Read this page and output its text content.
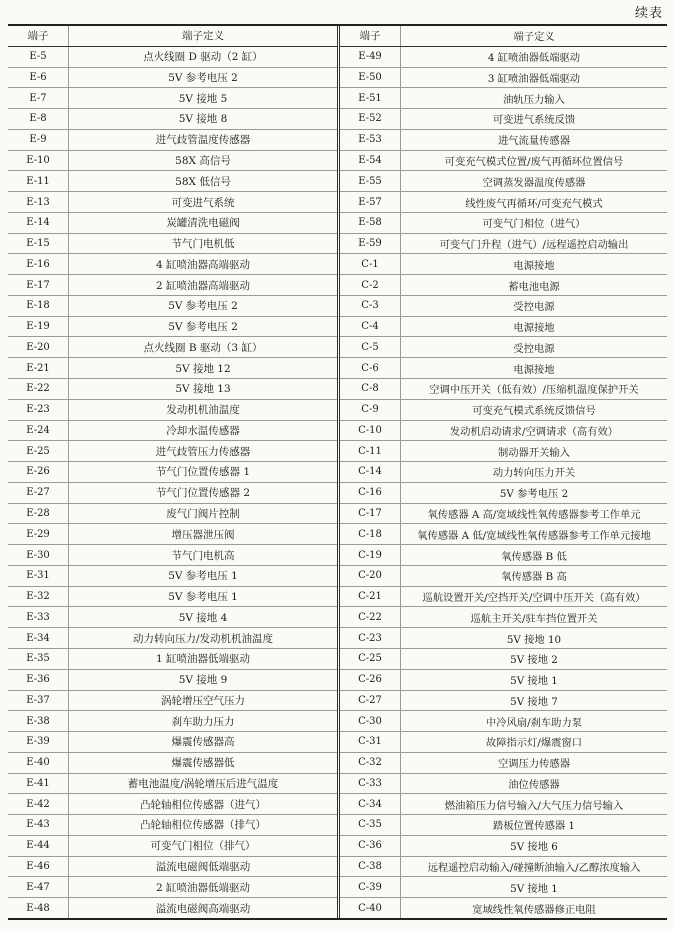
续表
端子	端子定义
E-5	点火线圈 D 驱动（2 缸）
E-6	5V 参考电压 2
E-7	5V 接地 5
E-8	5V 接地 8
E-9	进气歧管温度传感器
E-10	58X 高信号
E-11	58X 低信号
E-13	可变进气系统
E-14	炭罐清洗电磁阀
E-15	节气门电机低
E-16	4 缸喷油器高端驱动
E-17	2 缸喷油器高端驱动
E-18	5V 参考电压 2
E-19	5V 参考电压 2
E-20	点火线圈 B 驱动（3 缸）
E-21	5V 接地 12
E-22	5V 接地 13
E-23	发动机机油温度
E-24	冷却水温传感器
E-25	进气歧管压力传感器
E-26	节气门位置传感器 1
E-27	节气门位置传感器 2
E-28	废气门阀片控制
E-29	增压器泄压阀
E-30	节气门电机高
E-31	5V 参考电压 1
E-32	5V 参考电压 1
E-33	5V 接地 4
E-34	动力转向压力/发动机机油温度
E-35	1 缸喷油器低端驱动
E-36	5V 接地 9
E-37	涡轮增压空气压力
E-38	刹车助力压力
E-39	爆震传感器高
E-40	爆震传感器低
E-41	蓄电池温度/涡轮增压后进气温度
E-42	凸轮轴相位传感器（进气）
E-43	凸轮轴相位传感器（排气）
E-44	可变气门相位（排气）
E-46	溢流电磁阀低端驱动
E-47	2 缸喷油器低端驱动
E-48	溢流电磁阀高端驱动
端子	端子定义
E-49	4 缸喷油器低端驱动
E-50	3 缸喷油器低端驱动
E-51	油轨压力输入
E-52	可变进气系统反馈
E-53	进气流量传感器
E-54	可变充气模式位置/废气再循环位置信号
E-55	空调蒸发器温度传感器
E-57	线性废气再循环/可变充气模式
E-58	可变气门相位（进气）
E-59	可变气门升程（进气）/远程遥控启动输出
C-1	电源接地
C-2	蓄电池电源
C-3	受控电源
C-4	电源接地
C-5	受控电源
C-6	电源接地
C-8	空调中压开关（低有效）/压缩机温度保护开关
C-9	可变充气模式系统反馈信号
C-10	发动机启动请求/空调请求（高有效）
C-11	制动器开关输入
C-14	动力转向压力开关
C-16	5V 参考电压 2
C-17	氧传感器 A 高/宽域线性氧传感器参考工作单元
C-18	氧传感器 A 低/宽域线性氧传感器参考工作单元接地
C-19	氧传感器 B 低
C-20	氧传感器 B 高
C-21	巡航设置开关/空挡开关/空调中压开关（高有效）
C-22	巡航主开关/驻车挡位置开关
C-23	5V 接地 10
C-25	5V 接地 2
C-26	5V 接地 1
C-27	5V 接地 7
C-30	中冷风扇/刹车助力泵
C-31	故障指示灯/爆震窗口
C-32	空调压力传感器
C-33	油位传感器
C-34	燃油箱压力信号输入/大气压力信号输入
C-35	踏板位置传感器 1
C-36	5V 接地 6
C-38	远程遥控启动输入/碰撞断油输入/乙醇浓度输入
C-39	5V 接地 1
C-40	宽域线性氧传感器修正电阻
